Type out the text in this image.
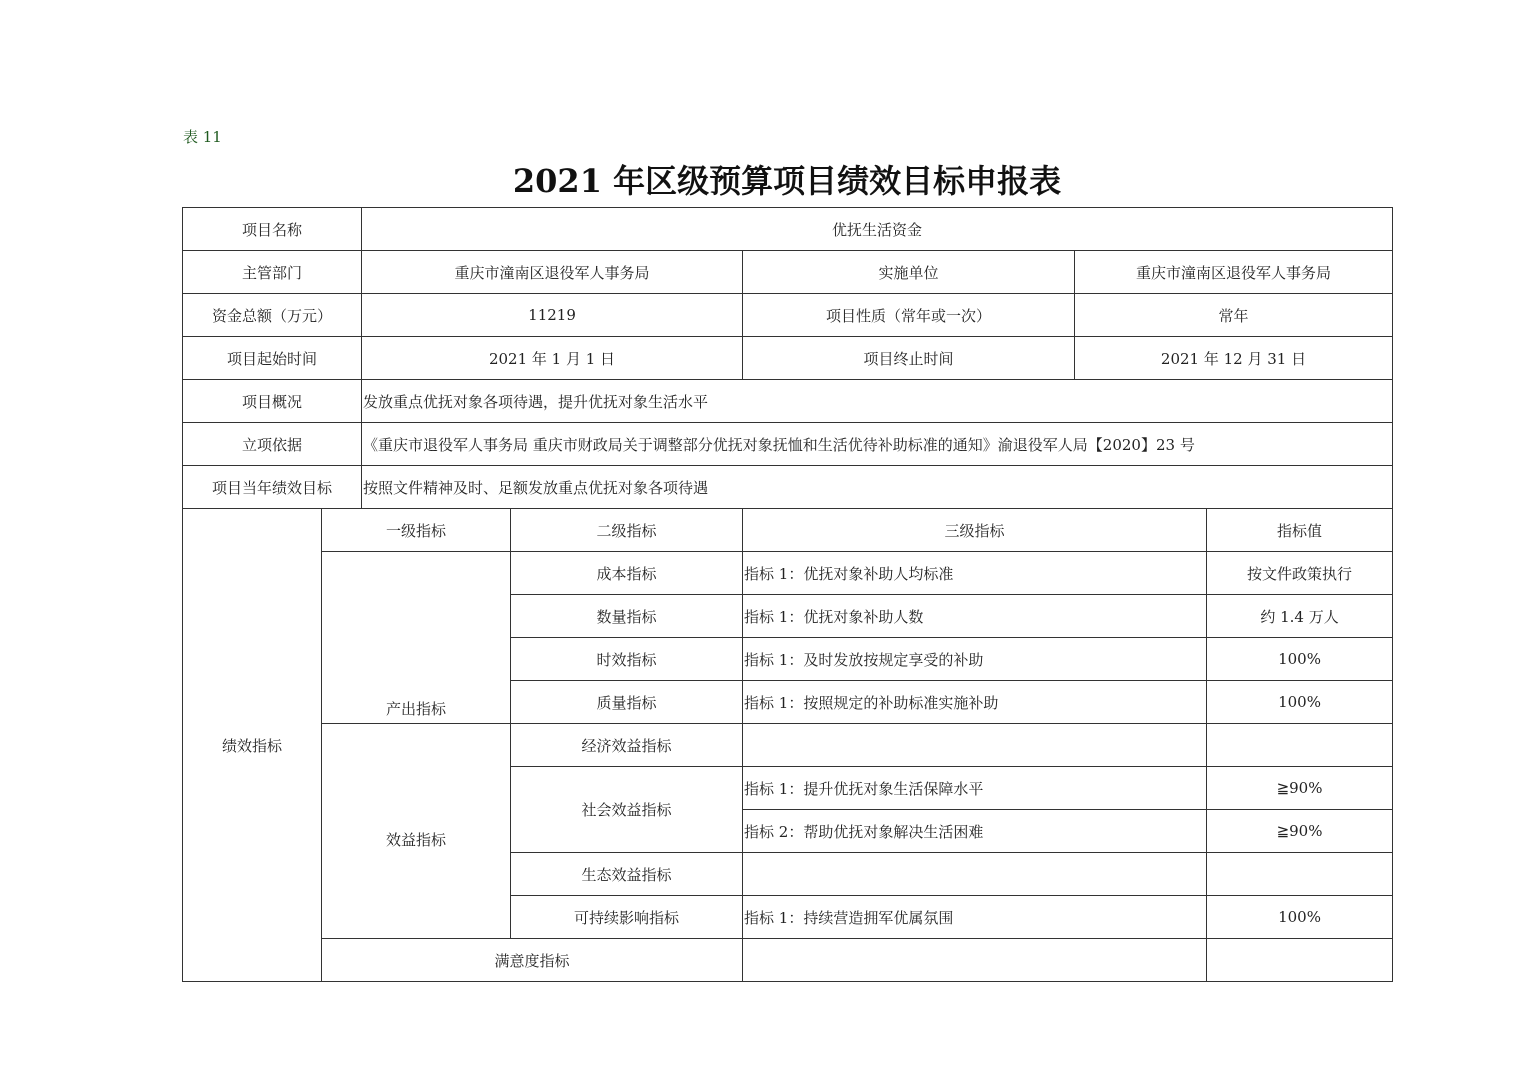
表 11
2021 年区级预算项目绩效目标申报表
项目名称		优抚生活资金				
主管部门		重庆市潼南区退役军人事务局		实施单位	重庆市潼南区退役军人事务局	
资金总额（万元）		11219		项目性质（常年或一次）	常年	
项目起始时间		2021 年 1 月 1 日		项目终止时间	2021 年 12 月 31 日	
项目概况		发放重点优抚对象各项待遇，提升优抚对象生活水平				
立项依据		《重庆市退役军人事务局 重庆市财政局关于调整部分优抚对象抚恤和生活优待补助标准的通知》渝退役军人局【2020】23 号				
项目当年绩效目标		按照文件精神及时、足额发放重点优抚对象各项待遇				
绩效指标	一级指标		二级指标	三级指标		指标值
	产出指标		成本指标	指标 1：优抚对象补助人均标准		按文件政策执行
			数量指标	指标 1：优抚对象补助人数		约 1.4 万人
			时效指标	指标 1：及时发放按规定享受的补助		100%
			质量指标	指标 1：按照规定的补助标准实施补助		100%
	效益指标		经济效益指标			
			社会效益指标	指标 1：提升优抚对象生活保障水平		≧90%
				指标 2：帮助优抚对象解决生活困难		≧90%
			生态效益指标			
			可持续影响指标	指标 1：持续营造拥军优属氛围		100%
	满意度指标					
